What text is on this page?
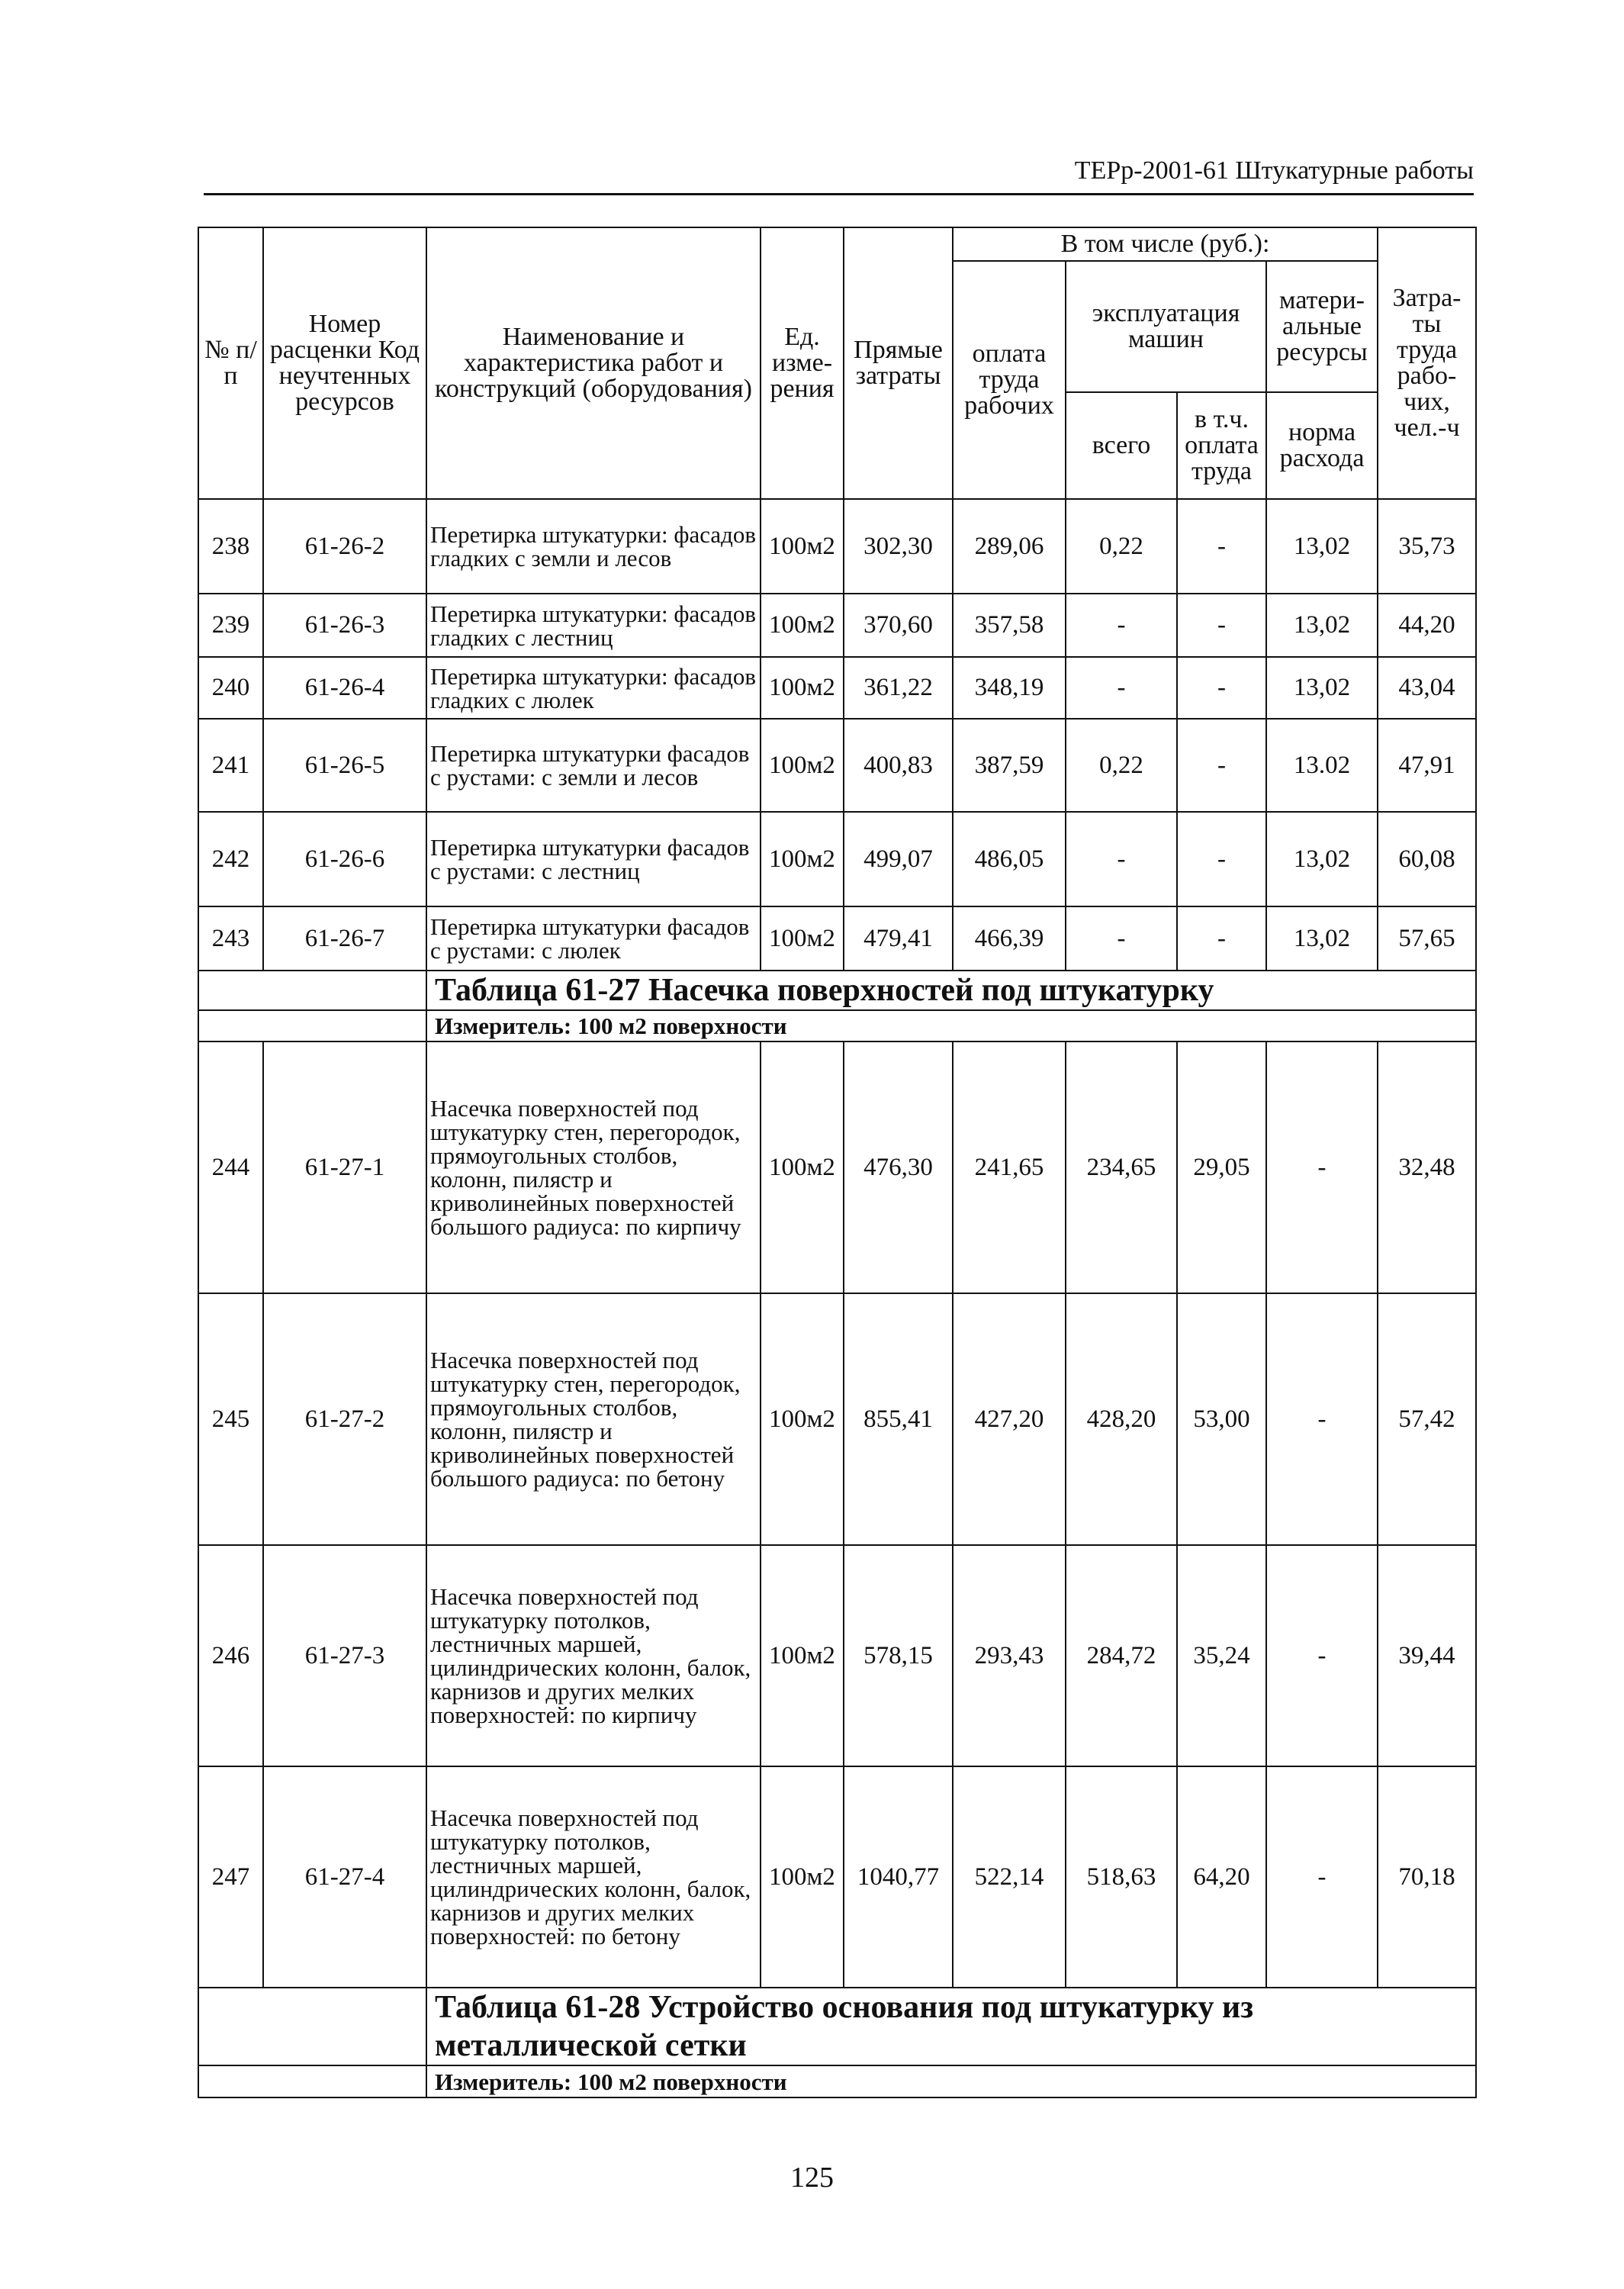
ТЕРр-2001-61 Штукатурные работы
№ п/п	Номер расценки Код неучтенных ресурсов	Наименование и характеристика работ и конструкций (оборудования)	Ед. изме-рения	Прямые затраты	В том числе (руб.):				Затра-ты труда рабо-чих, чел.-ч
					оплата труда рабочих	эксплуатация машин		матери-альные ресурсы	
						всего	в т.ч. оплата труда	норма расхода	
238	61-26-2	Перетирка штукатурки: фасадов гладких с земли и лесов	100м2	302,30	289,06	0,22	-	13,02	35,73
239	61-26-3	Перетирка штукатурки: фасадов гладких с лестниц	100м2	370,60	357,58	-	-	13,02	44,20
240	61-26-4	Перетирка штукатурки: фасадов гладких с люлек	100м2	361,22	348,19	-	-	13,02	43,04
241	61-26-5	Перетирка штукатурки фасадов с рустами: с земли и лесов	100м2	400,83	387,59	0,22	-	13.02	47,91
242	61-26-6	Перетирка штукатурки фасадов с рустами: с лестниц	100м2	499,07	486,05	-	-	13,02	60,08
243	61-26-7	Перетирка штукатурки фасадов с рустами: с люлек	100м2	479,41	466,39	-	-	13,02	57,65
		Таблица 61-27 Насечка поверхностей под штукатурку							
		Измеритель: 100 м2 поверхности							
244	61-27-1	Насечка поверхностей под штукатурку стен, перегородок, прямоугольных столбов, колонн, пилястр и криволинейных поверхностей большого радиуса: по кирпичу	100м2	476,30	241,65	234,65	29,05	-	32,48
245	61-27-2	Насечка поверхностей под штукатурку стен, перегородок, прямоугольных столбов, колонн, пилястр и криволинейных поверхностей большого радиуса: по бетону	100м2	855,41	427,20	428,20	53,00	-	57,42
246	61-27-3	Насечка поверхностей под штукатурку потолков, лестничных маршей, цилиндрических колонн, балок, карнизов и других мелких поверхностей: по кирпичу	100м2	578,15	293,43	284,72	35,24	-	39,44
247	61-27-4	Насечка поверхностей под штукатурку потолков, лестничных маршей, цилиндрических колонн, балок, карнизов и других мелких поверхностей: по бетону	100м2	1040,77	522,14	518,63	64,20	-	70,18
		Таблица 61-28 Устройство основания под штукатурку из металлической сетки							
		Измеритель: 100 м2 поверхности							
125
